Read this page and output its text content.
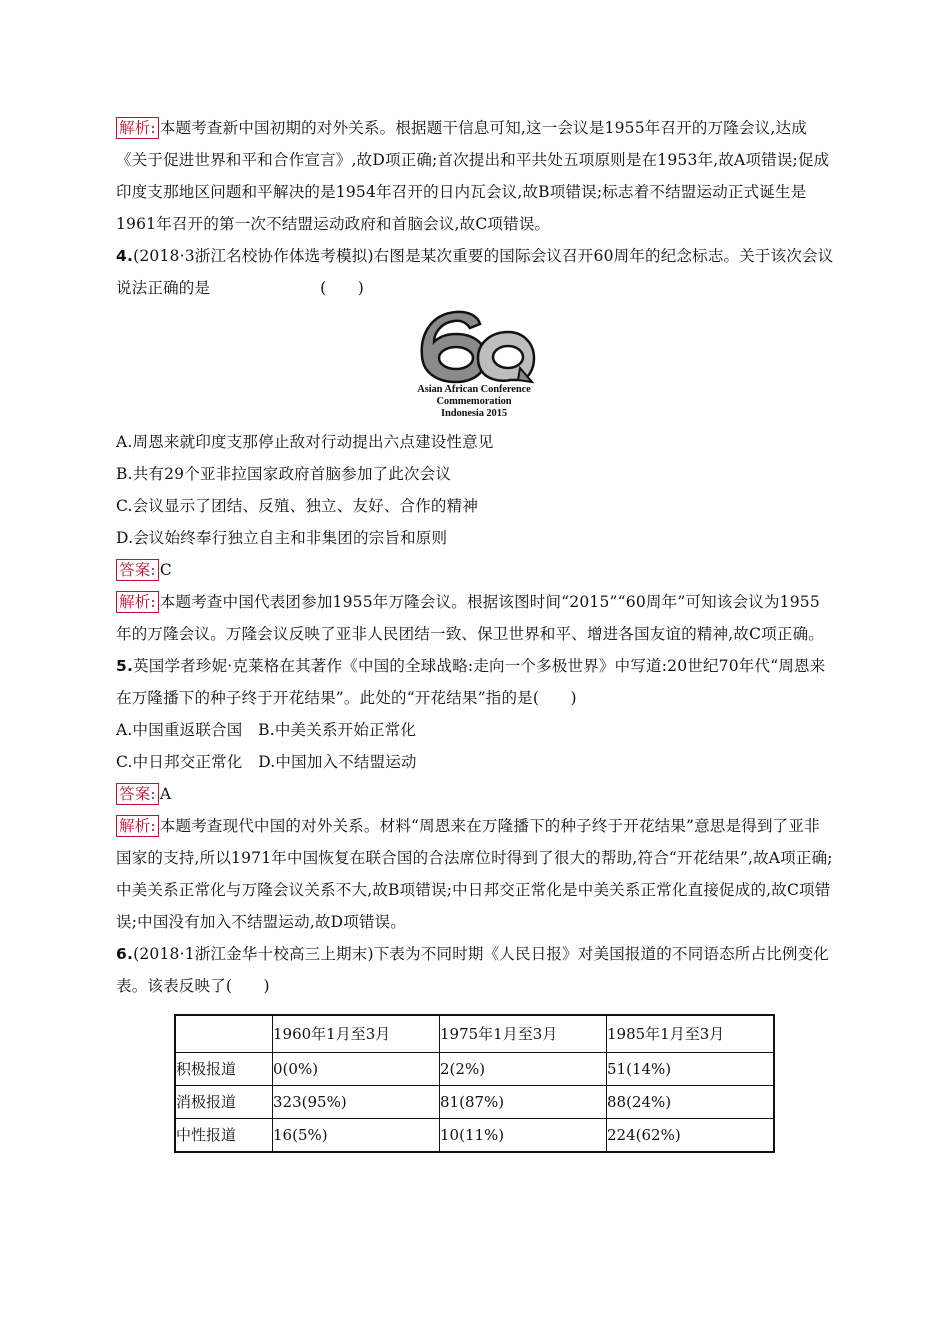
解析: 本题考查新中国初期的对外关系。根据题干信息可知,这一会议是1955年召开的万隆会议,达成《关于促进世界和平和合作宣言》,故D项正确;首次提出和平共处五项原则是在1953年,故A项错误;促成印度支那地区问题和平解决的是1954年召开的日内瓦会议,故B项错误;标志着不结盟运动正式诞生是1961年召开的第一次不结盟运动政府和首脑会议,故C项错误。

4.(2018·3浙江名校协作体选考模拟)右图是某次重要的国际会议召开60周年的纪念标志。关于该次会议说法正确的是　　　　　　　(　　)

Asian African Conference
Commemoration
Indonesia 2015

A.周恩来就印度支那停止敌对行动提出六点建设性意见

B.共有29个亚非拉国家政府首脑参加了此次会议

C.会议显示了团结、反殖、独立、友好、合作的精神

D.会议始终奉行独立自主和非集团的宗旨和原则

答案: C

解析: 本题考查中国代表团参加1955年万隆会议。根据该图时间“2015”“60周年”可知该会议为1955年的万隆会议。万隆会议反映了亚非人民团结一致、保卫世界和平、增进各国友谊的精神,故C项正确。

5.英国学者珍妮·克莱格在其著作《中国的全球战略:走向一个多极世界》中写道:20世纪70年代“周恩来在万隆播下的种子终于开花结果”。此处的“开花结果”指的是(　　)

A.中国重返联合国　B.中美关系开始正常化

C.中日邦交正常化　D.中国加入不结盟运动

答案: A

解析: 本题考查现代中国的对外关系。材料“周恩来在万隆播下的种子终于开花结果”意思是得到了亚非国家的支持,所以1971年中国恢复在联合国的合法席位时得到了很大的帮助,符合“开花结果”,故A项正确;中美关系正常化与万隆会议关系不大,故B项错误;中日邦交正常化是中美关系正常化直接促成的,故C项错误;中国没有加入不结盟运动,故D项错误。

6.(2018·1浙江金华十校高三上期末)下表为不同时期《人民日报》对美国报道的不同语态所占比例变化表。该表反映了(　　)

	1960年1月至3月	1975年1月至3月	1985年1月至3月
积极报道	0(0%)	2(2%)	51(14%)
消极报道	323(95%)	81(87%)	88(24%)
中性报道	16(5%)	10(11%)	224(62%)
